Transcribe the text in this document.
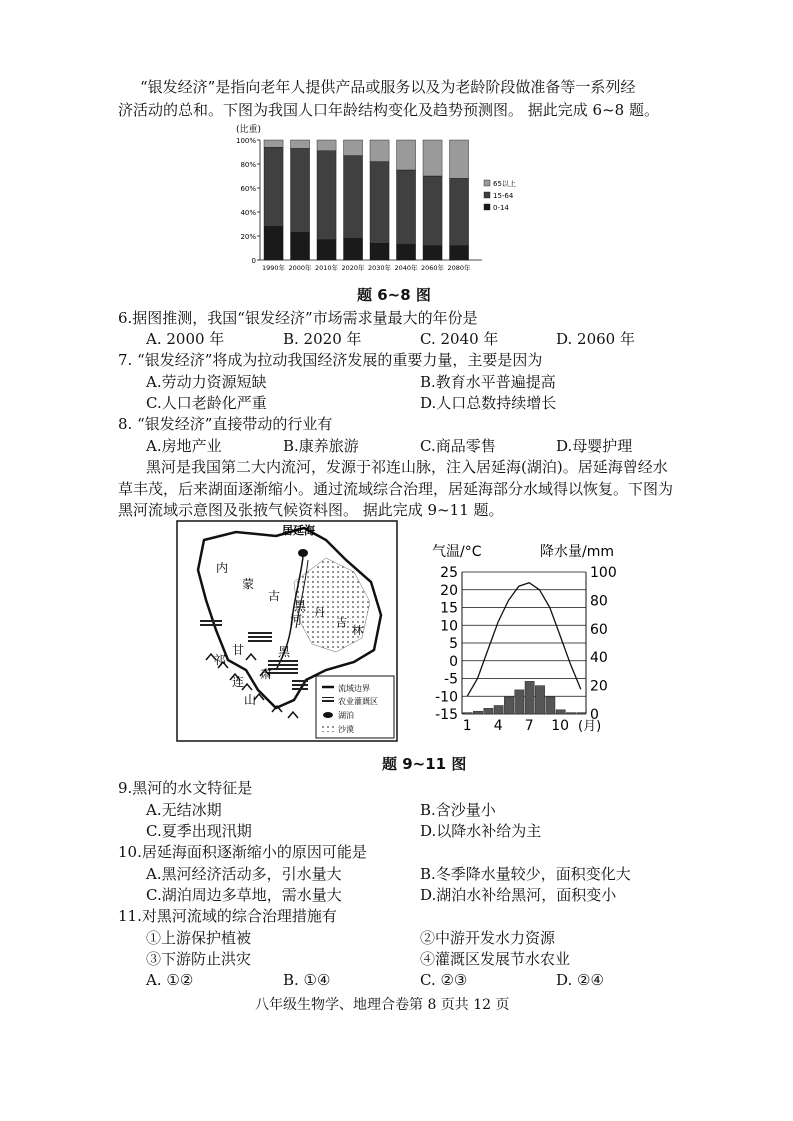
“银发经济”是指向老年人提供产品或服务以及为老龄阶段做准备等一系列经
济活动的总和。下图为我国人口年龄结构变化及趋势预测图。 据此完成 6~8 题。
(比重)
0
20%
40%
60%
80%
100%
1990年 2000年 2010年 2020年 2030年 2040年 2060年 2080年
65以上
15-64
0-14
题 6~8 图
6.据图推测，我国“银发经济”市场需求量最大的年份是
A. 2000 年	B. 2020 年	C. 2040 年	D. 2060 年
7. “银发经济”将成为拉动我国经济发展的重要力量，主要是因为
A.劳动力资源短缺	B.教育水平普遍提高
C.人口老龄化严重	D.人口总数持续增长
8. “银发经济”直接带动的行业有
A.房地产业	B.康养旅游	C.商品零售	D.母婴护理
黑河是我国第二大内流河，发源于祁连山脉，注入居延海(湖泊)。居延海曾经水
草丰茂，后来湖面逐渐缩小。通过流域综合治理，居延海部分水域得以恢复。下图为
黑河流域示意图及张掖气候资料图。 据此完成 9~11 题。
居延海
内
蒙
古
黑
河
丹
吉
林
甘	黑
肃
祁
连
山
流域边界
农业灌溉区
湖泊
沙漠
气温/°C	降水量/mm
25
20
15
10
5
0
-5
-10
-15
100
80
60
40
20
0
1 4 7 10 (月)
题 9~11 图
9.黑河的水文特征是
A.无结冰期	B.含沙量小
C.夏季出现汛期	D.以降水补给为主
10.居延海面积逐渐缩小的原因可能是
A.黑河经济活动多，引水量大	B.冬季降水量较少，面积变化大
C.湖泊周边多草地，需水量大	D.湖泊水补给黑河，面积变小
11.对黑河流域的综合治理措施有
①上游保护植被	②中游开发水力资源
③下游防止洪灾	④灌溉区发展节水农业
A. ①②	B. ①④	C. ②③	D. ②④
八年级生物学、地理合卷第 8 页共 12 页
